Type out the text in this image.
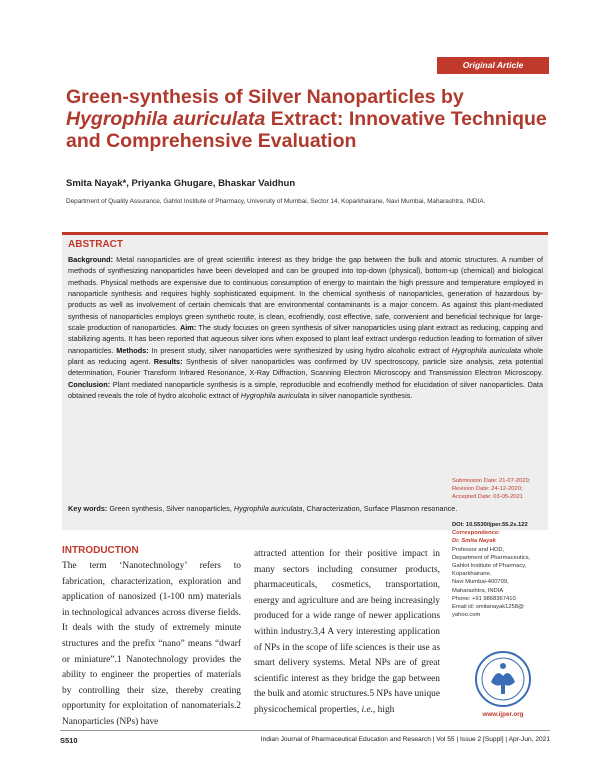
Original Article
Green-synthesis of Silver Nanoparticles by
Hygrophila auriculata Extract: Innovative Technique
and Comprehensive Evaluation
Smita Nayak*, Priyanka Ghugare, Bhaskar Vaidhun
Department of Quality Assurance, Gahlot Institute of Pharmacy, University of Mumbai, Sector 14, Koparkhairane, Navi Mumbai, Maharashtra, INDIA.
ABSTRACT
Background: Metal nanoparticles are of great scientific interest as they bridge the gap between the bulk and atomic structures. A number of methods of synthesizing nanoparticles have been developed and can be grouped into top-down (physical), bottom-up (chemical) and biological methods. Physical methods are expensive due to continuous consumption of energy to maintain the high pressure and temperature employed in nanoparticle synthesis and requires highly sophisticated equipment. In the chemical synthesis of nanoparticles, generation of hazardous by-products as well as involvement of certain chemicals that are environmental contaminants is a major concern. As against this plant-mediated synthesis of nanoparticles employs green synthetic route, is clean, ecofriendly, cost effective, safe, convenient and beneficial technique for large-scale production of nanoparticles. Aim: The study focuses on green synthesis of silver nanoparticles using plant extract as reducing, capping and stabilizing agents. It has been reported that aqueous silver ions when exposed to plant leaf extract undergo reduction leading to formation of silver nanoparticles. Methods: In present study, silver nanoparticles were synthesized by using hydro alcoholic extract of Hygrophila auriculata whole plant as reducing agent. Results: Synthesis of silver nanoparticles was confirmed by UV spectroscopy, particle size analysis, zeta potential determination, Fourier Transform Infrared Resonance, X-Ray Diffraction, Scanning Electron Microscopy and Transmission Electron Microscopy. Conclusion: Plant mediated nanoparticle synthesis is a simple, reproducible and ecofriendly method for elucidation of silver nanoparticles. Data obtained reveals the role of hydro alcoholic extract of Hygrophila auriculata in silver nanoparticle synthesis.
Key words: Green synthesis, Silver nanoparticles, Hygrophila auriculata, Characterization, Surface Plasmon resonance.
Submission Date: 21-07-2020;
Revision Date: 24-12-2020;
Accepted Date: 03-05-2021
DOI: 10.5530/ijper.55.2s.122
Correspondence:
Dr. Smita Nayak
Professor and HOD,
Department of Pharmaceutics,
Gahlot Institute of Pharmacy,
Koparkhairane,
Navi Mumbai-400709,
Maharashtra, INDIA
Phone: +91 9868367410
Email id: smitanayak1258@
yahoo.com
www.ijper.org
INTRODUCTION
The term ‘Nanotechnology’ refers to fabrication, characterization, exploration and application of nanosized (1-100 nm) materials in technological advances across diverse fields. It deals with the study of extremely minute structures and the prefix “nano” means “dwarf or miniature”.1 Nanotechnology provides the ability to engineer the properties of materials by controlling their size, thereby creating opportunity for exploitation of nanomaterials.2 Nanoparticles (NPs) have
attracted attention for their positive impact in many sectors including consumer products, pharmaceuticals, cosmetics, transportation, energy and agriculture and are being increasingly produced for a wide range of newer applications within industry.3,4 A very interesting application of NPs in the scope of life sciences is their use as smart delivery systems. Metal NPs are of great scientific interest as they bridge the gap between the bulk and atomic structures.5 NPs have unique physicochemical properties, i.e., high
S510	Indian Journal of Pharmaceutical Education and Research | Vol 55 | Issue 2 [Suppl] | Apr-Jun, 2021
